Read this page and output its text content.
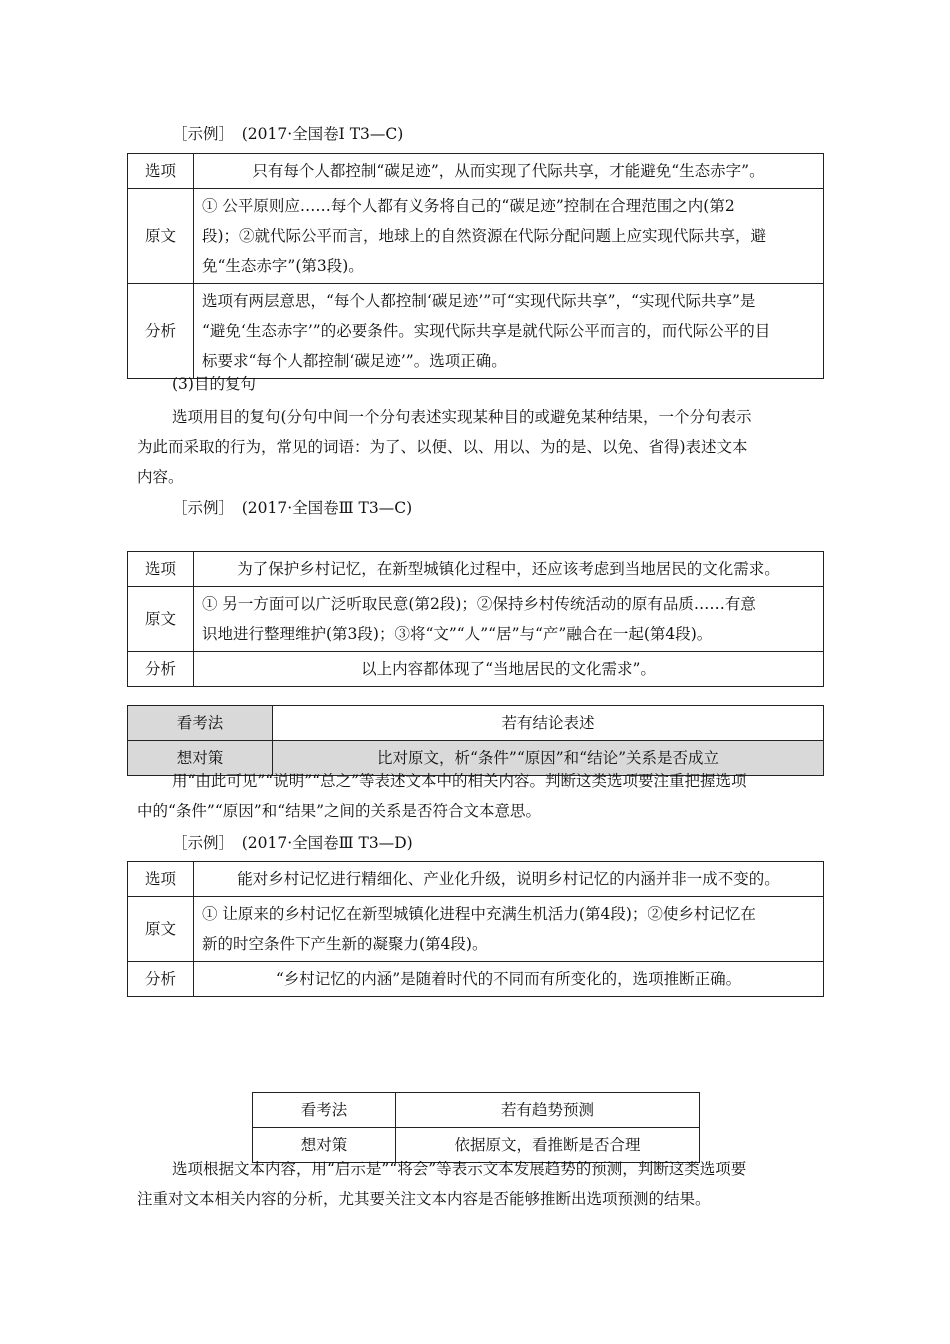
［示例］　(2017·全国卷Ⅰ T3—C)
选项	只有每个人都控制“碳足迹”，从而实现了代际共享，才能避免“生态赤字”。
原文	① 公平原则应……每个人都有义务将自己的“碳足迹”控制在合理范围之内(第2
段)；②就代际公平而言，地球上的自然资源在代际分配问题上应实现代际共享，避
免“生态赤字”(第3段)。

分析	选项有两层意思，“每个人都控制‘碳足迹’”可“实现代际共享”，“实现代际共享”是
“避免‘生态赤字’”的必要条件。实现代际共享是就代际公平而言的，而代际公平的目
标要求“每个人都控制‘碳足迹’”。选项正确。
(3)目的复句
选项用目的复句(分句中间一个分句表述实现某种目的或避免某种结果，一个分句表示
为此而采取的行为，常见的词语：为了、以便、以、用以、为的是、以免、省得)表述文本
内容。
［示例］　(2017·全国卷Ⅲ T3—C)
选项	为了保护乡村记忆，在新型城镇化过程中，还应该考虑到当地居民的文化需求。
原文	① 另一方面可以广泛听取民意(第2段)；②保持乡村传统活动的原有品质……有意
识地进行整理维护(第3段)；③将“文”“人”“居”与“产”融合在一起(第4段)。

分析	以上内容都体现了“当地居民的文化需求”。
看考法	若有结论表述
想对策	比对原文，析“条件”“原因”和“结论”关系是否成立
用“由此可见”“说明”“总之”等表述文本中的相关内容。判断这类选项要注重把握选项
中的“条件”“原因”和“结果”之间的关系是否符合文本意思。
［示例］　(2017·全国卷Ⅲ T3—D)
选项	能对乡村记忆进行精细化、产业化升级，说明乡村记忆的内涵并非一成不变的。
原文	① 让原来的乡村记忆在新型城镇化进程中充满生机活力(第4段)；②使乡村记忆在
新的时空条件下产生新的凝聚力(第4段)。

分析	“乡村记忆的内涵”是随着时代的不同而有所变化的，选项推断正确。
看考法	若有趋势预测
想对策	依据原文，看推断是否合理
选项根据文本内容，用“启示是”“将会”等表示文本发展趋势的预测，判断这类选项要
注重对文本相关内容的分析，尤其要关注文本内容是否能够推断出选项预测的结果。
